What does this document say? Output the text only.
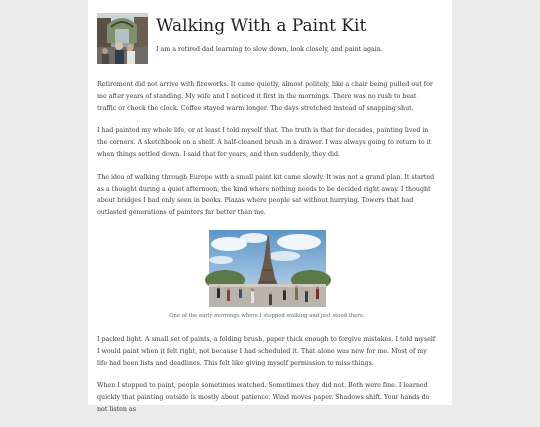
Walking With a Paint Kit

I am a retired dad learning to slow down, look closely, and paint again.

Retirement did not arrive with fireworks. It came quietly, almost politely, like a chair being pulled out for me after years of standing. My wife and I noticed it first in the mornings. There was no rush to beat traffic or check the clock. Coffee stayed warm longer. The days stretched instead of snapping shut.

I had painted my whole life, or at least I told myself that. The truth is that for decades, painting lived in the corners. A sketchbook on a shelf. A half-cleaned brush in a drawer. I was always going to return to it when things settled down. I said that for years, and then suddenly, they did.

The idea of walking through Europe with a small paint kit came slowly. It was not a grand plan. It started as a thought during a quiet afternoon, the kind where nothing needs to be decided right away. I thought about bridges I had only seen in books. Plazas where people sat without hurrying. Towers that had outlasted generations of painters far better than me.

One of the early mornings where I stopped walking and just stood there.

I packed light. A small set of paints, a folding brush, paper thick enough to forgive mistakes. I told myself I would paint when it felt right, not because I had scheduled it. That alone was new for me. Most of my life had been lists and deadlines. This felt like giving myself permission to miss things.

When I stopped to paint, people sometimes watched. Sometimes they did not. Both were fine. I learned quickly that painting outside is mostly about patience. Wind moves paper. Shadows shift. Your hands do not listen as
